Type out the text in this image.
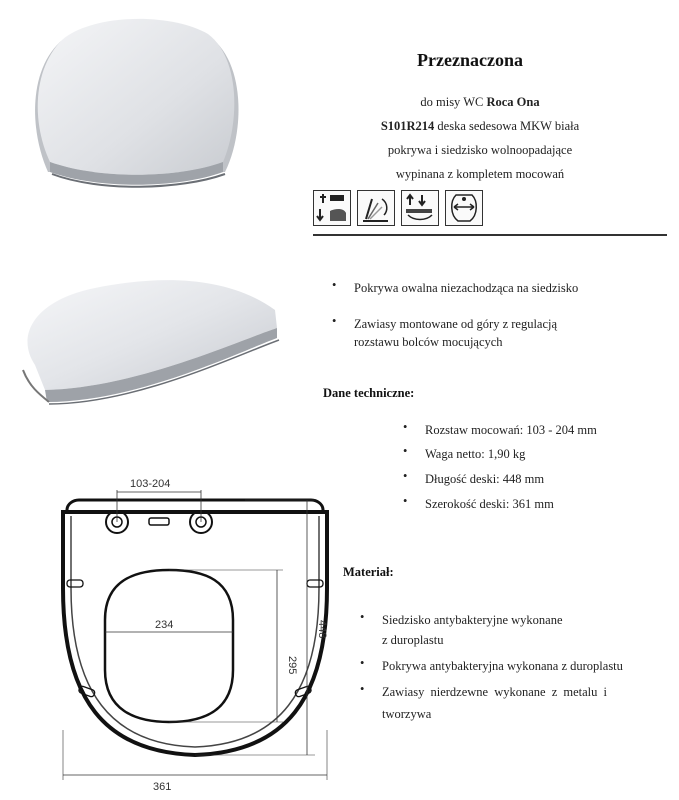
Przeznaczona
do misy WC Roca Ona
S101R214 deska sedesowa MKW biała
pokrywa i siedzisko wolnoopadające
wypinana z kompletem mocowań
• Pokrywa owalna niezachodząca na siedzisko
• Zawiasy montowane od góry z regulacją
rozstawu bolców mocujących
Dane techniczne:
• Rozstaw mocowań: 103 - 204 mm
• Waga netto: 1,90 kg
• Długość deski: 448 mm
• Szerokość deski: 361 mm
Materiał:
• Siedzisko antybakteryjne wykonane
z duroplastu
• Pokrywa antybakteryjna wykonana z duroplastu
• Zawiasy nierdzewne wykonane z metalu i
tworzywa
103-204
234
295
448
361
